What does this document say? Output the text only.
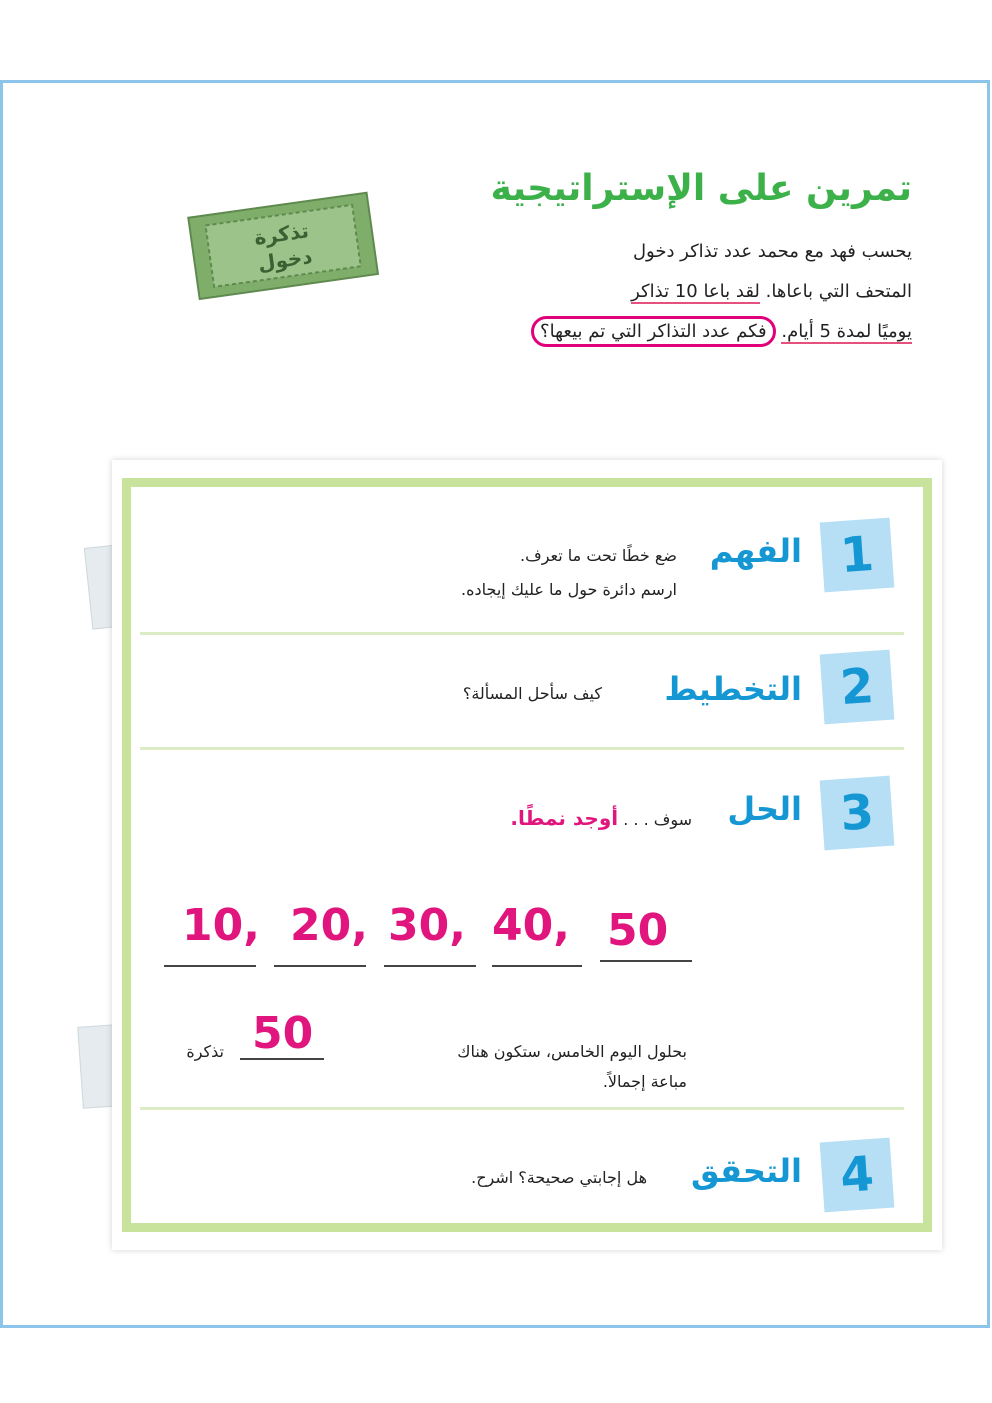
تمرين على الإستراتيجية
يحسب فهد مع محمد عدد تذاكر دخول
المتحف التي باعاها. لقد باعا 10 تذاكر
يوميًا لمدة 5 أيام. فكم عدد التذاكر التي تم بيعها؟
تذكرة
دخول
1
الفهم
ضع خطًا تحت ما تعرف.
ارسم دائرة حول ما عليك إيجاده.
2
التخطيط
كيف سأحل المسألة؟
3
الحل
سوف . . . أوجد نمطًا.
10, 20, 30, 40, 50
بحلول اليوم الخامس، ستكون هناك
50
تذكرة
مباعة إجمالاً.
4
التحقق
هل إجابتي صحيحة؟ اشرح.
